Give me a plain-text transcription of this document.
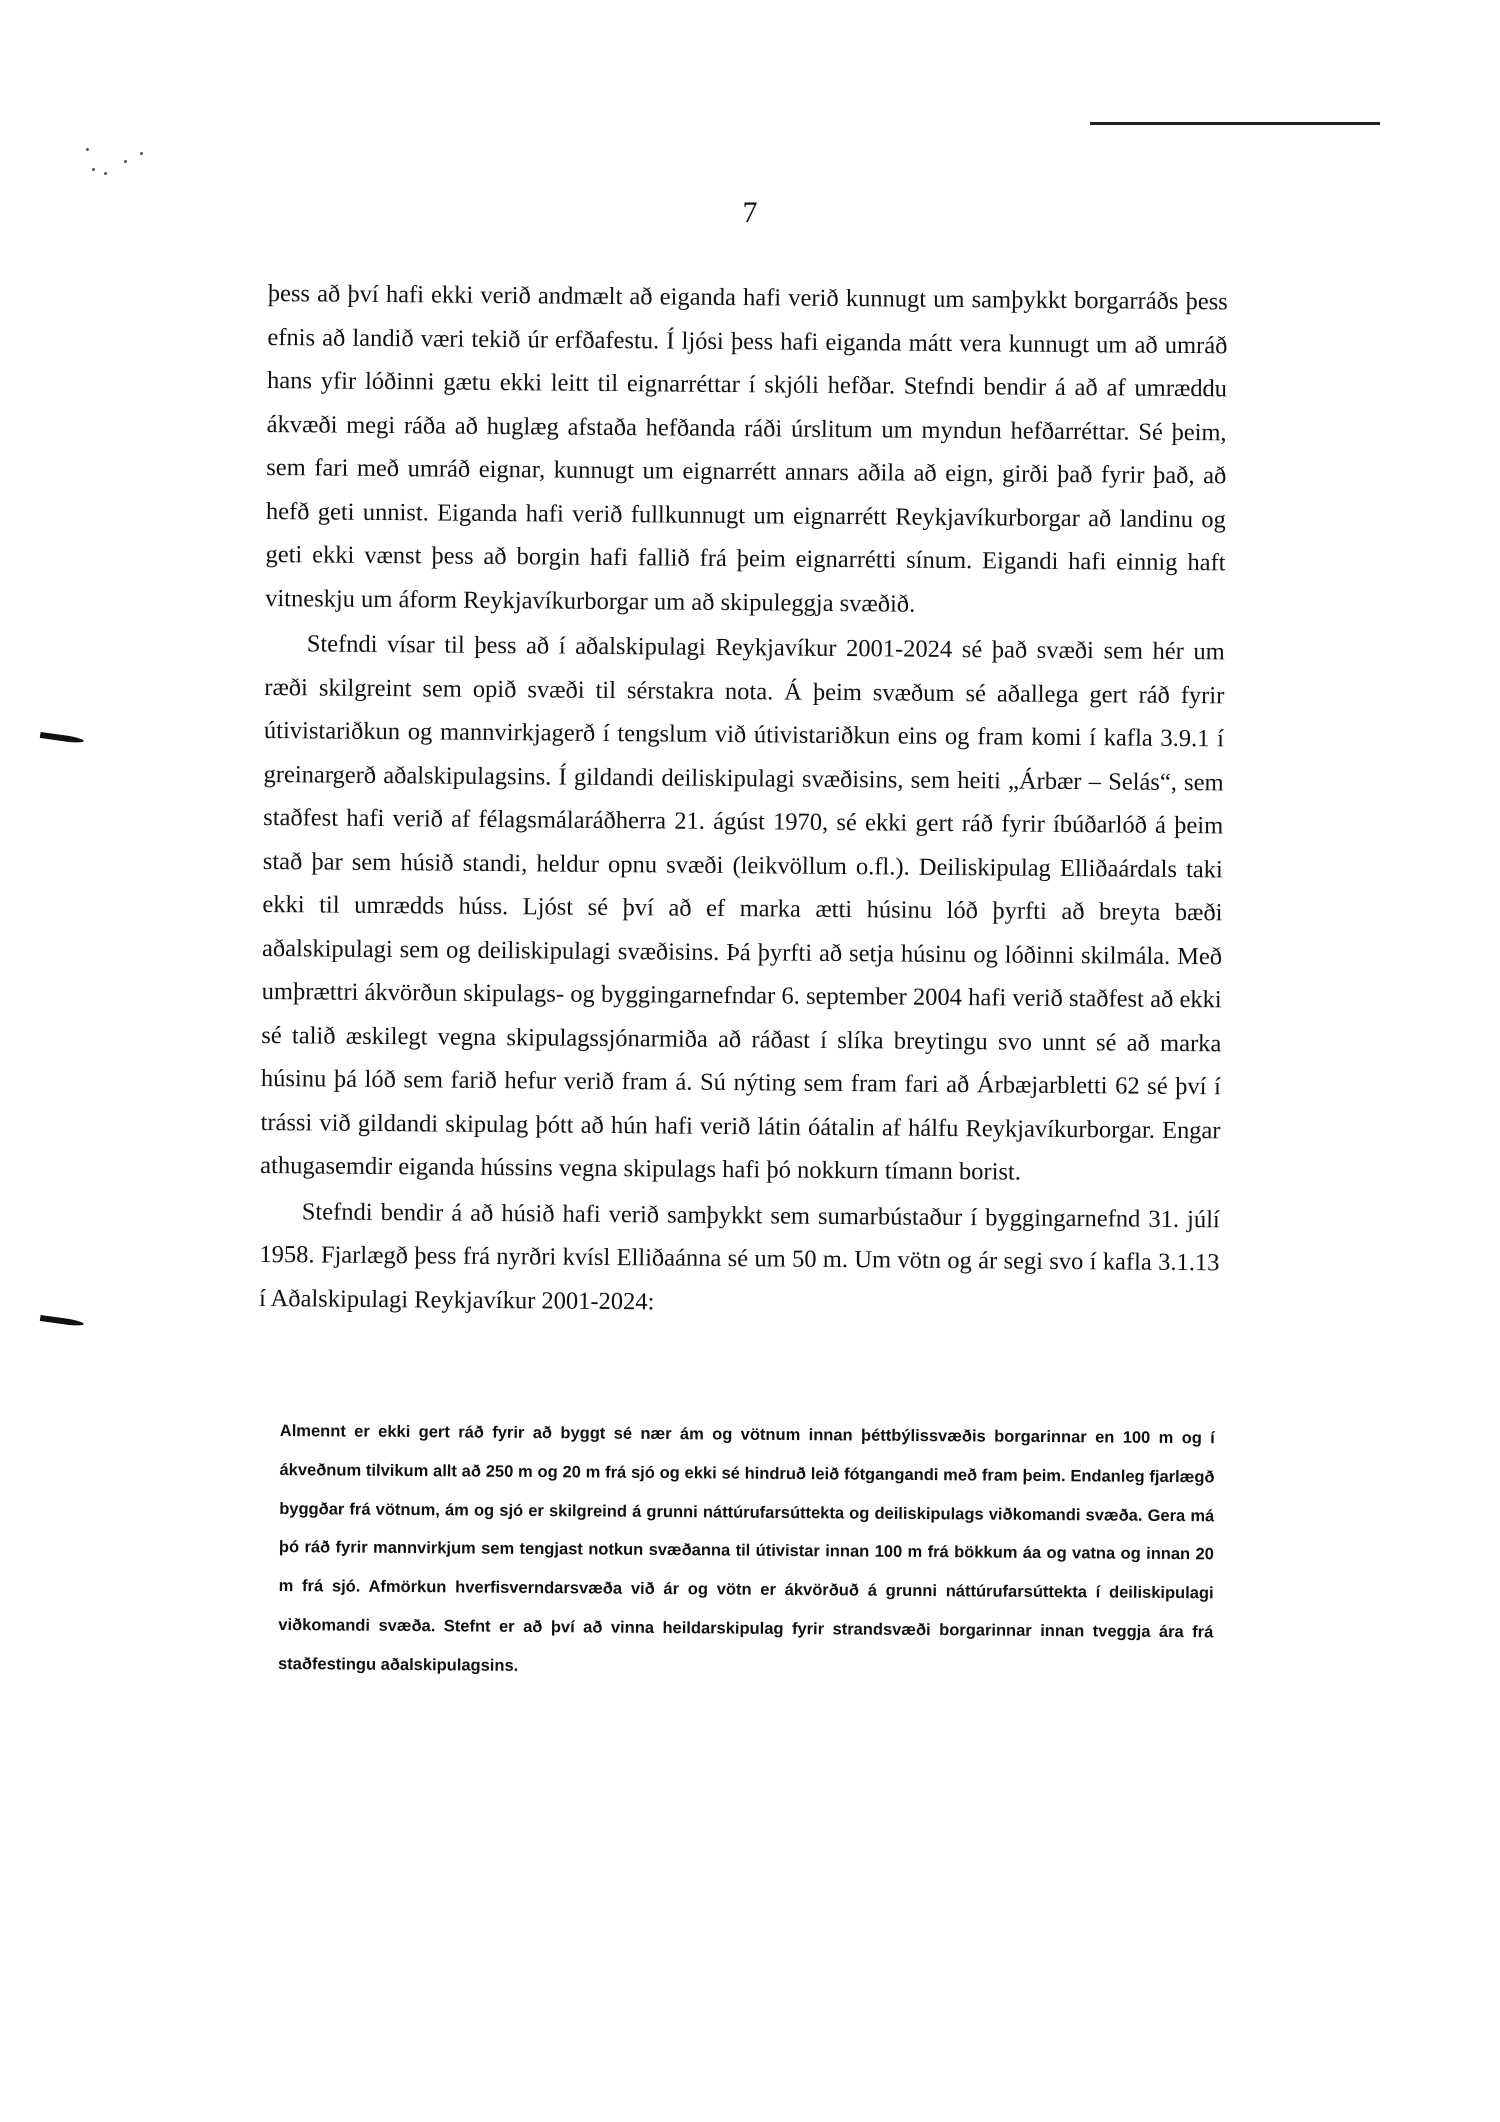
7

þess að því hafi ekki verið andmælt að eiganda hafi verið kunnugt um samþykkt borgarráðs þess efnis að landið væri tekið úr erfðafestu. Í ljósi þess hafi eiganda mátt vera kunnugt um að umráð hans yfir lóðinni gætu ekki leitt til eignarréttar í skjóli hefðar. Stefndi bendir á að af umræddu ákvæði megi ráða að huglæg afstaða hefðanda ráði úrslitum um myndun hefðarréttar. Sé þeim, sem fari með umráð eignar, kunnugt um eignarrétt annars aðila að eign, girði það fyrir það, að hefð geti unnist. Eiganda hafi verið fullkunnugt um eignarrétt Reykjavíkurborgar að landinu og geti ekki vænst þess að borgin hafi fallið frá þeim eignarrétti sínum. Eigandi hafi einnig haft vitneskju um áform Reykjavíkurborgar um að skipuleggja svæðið.

Stefndi vísar til þess að í aðalskipulagi Reykjavíkur 2001-2024 sé það svæði sem hér um ræði skilgreint sem opið svæði til sérstakra nota. Á þeim svæðum sé aðallega gert ráð fyrir útivistariðkun og mannvirkjagerð í tengslum við útivistariðkun eins og fram komi í kafla 3.9.1 í greinargerð aðalskipulagsins. Í gildandi deiliskipulagi svæðisins, sem heiti „Árbær – Selás“, sem staðfest hafi verið af félagsmálaráðherra 21. ágúst 1970, sé ekki gert ráð fyrir íbúðarlóð á þeim stað þar sem húsið standi, heldur opnu svæði (leikvöllum o.fl.). Deiliskipulag Elliðaárdals taki ekki til umrædds húss. Ljóst sé því að ef marka ætti húsinu lóð þyrfti að breyta bæði aðalskipulagi sem og deiliskipulagi svæðisins. Þá þyrfti að setja húsinu og lóðinni skilmála. Með umþrættri ákvörðun skipulags- og byggingarnefndar 6. september 2004 hafi verið staðfest að ekki sé talið æskilegt vegna skipulagssjónarmiða að ráðast í slíka breytingu svo unnt sé að marka húsinu þá lóð sem farið hefur verið fram á. Sú nýting sem fram fari að Árbæjarbletti 62 sé því í trássi við gildandi skipulag þótt að hún hafi verið látin óátalin af hálfu Reykjavíkurborgar. Engar athugasemdir eiganda hússins vegna skipulags hafi þó nokkurn tímann borist.

Stefndi bendir á að húsið hafi verið samþykkt sem sumarbústaður í byggingarnefnd 31. júlí 1958. Fjarlægð þess frá nyrðri kvísl Elliðaánna sé um 50 m. Um vötn og ár segi svo í kafla 3.1.13 í Aðalskipulagi Reykjavíkur 2001-2024:

Almennt er ekki gert ráð fyrir að byggt sé nær ám og vötnum innan þéttbýlissvæðis borgarinnar en 100 m og í ákveðnum tilvikum allt að 250 m og 20 m frá sjó og ekki sé hindruð leið fótgangandi með fram þeim. Endanleg fjarlægð byggðar frá vötnum, ám og sjó er skilgreind á grunni náttúrufarsúttekta og deiliskipulags viðkomandi svæða. Gera má þó ráð fyrir mannvirkjum sem tengjast notkun svæðanna til útivistar innan 100 m frá bökkum áa og vatna og innan 20 m frá sjó. Afmörkun hverfisverndarsvæða við ár og vötn er ákvörðuð á grunni náttúrufarsúttekta í deiliskipulagi viðkomandi svæða. Stefnt er að því að vinna heildarskipulag fyrir strandsvæði borgarinnar innan tveggja ára frá staðfestingu aðalskipulagsins.
